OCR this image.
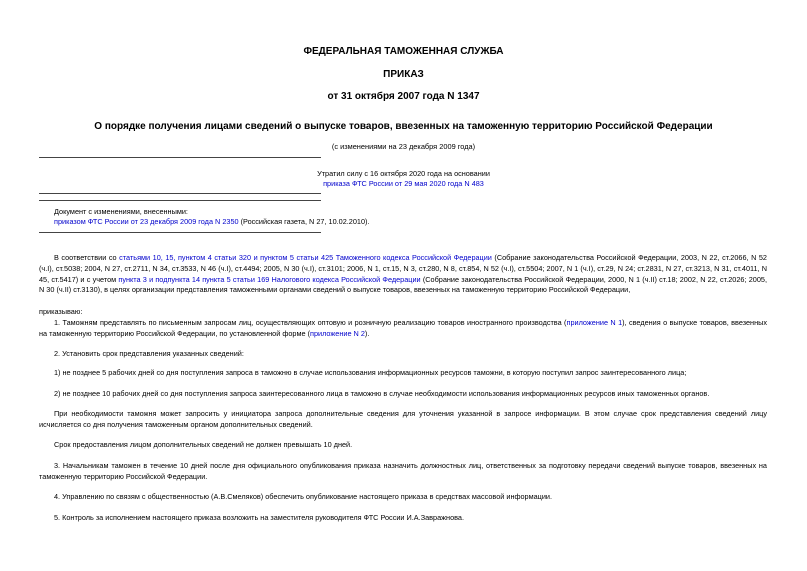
ФЕДЕРАЛЬНАЯ ТАМОЖЕННАЯ СЛУЖБА
ПРИКАЗ
от 31 октября 2007 года N 1347
О порядке получения лицами сведений о выпуске товаров, ввезенных на таможенную территорию Российской Федерации
(с изменениями на 23 декабря 2009 года)
Утратил силу с 16 октября 2020 года на основании
приказа ФТС России от 29 мая 2020 года N 483
Документ с изменениями, внесенными:
приказом ФТС России от 23 декабря 2009 года N 2350 (Российская газета, N 27, 10.02.2010).
В соответствии со статьями 10, 15, пунктом 4 статьи 320 и пунктом 5 статьи 425 Таможенного кодекса Российской Федерации (Собрание законодательства Российской Федерации, 2003, N 22, ст.2066, N 52 (ч.I), ст.5038; 2004, N 27, ст.2711, N 34, ст.3533, N 46 (ч.I), ст.4494; 2005, N 30 (ч.I), ст.3101; 2006, N 1, ст.15, N 3, ст.280, N 8, ст.854, N 52 (ч.I), ст.5504; 2007, N 1 (ч.I), ст.29, N 24; ст.2831, N 27, ст.3213, N 31, ст.4011, N 45, ст.5417) и с учетом пункта 3 и подпункта 14 пункта 5 статьи 169 Налогового кодекса Российской Федерации (Собрание законодательства Российской Федерации, 2000, N 1 (ч.II) ст.18; 2002, N 22, ст.2026; 2005, N 30 (ч.II) ст.3130), в целях организации представления таможенными органами сведений о выпуске товаров, ввезенных на таможенную территорию Российской Федерации,
приказываю:
1. Таможням представлять по письменным запросам лиц, осуществляющих оптовую и розничную реализацию товаров иностранного производства (приложение N 1), сведения о выпуске товаров, ввезенных на таможенную территорию Российской Федерации, по установленной форме (приложение N 2).
2. Установить срок представления указанных сведений:
1) не позднее 5 рабочих дней со дня поступления запроса в таможню в случае использования информационных ресурсов таможни, в которую поступил запрос заинтересованного лица;
2) не позднее 10 рабочих дней со дня поступления запроса заинтересованного лица в таможню в случае необходимости использования информационных ресурсов иных таможенных органов.
При необходимости таможня может запросить у инициатора запроса дополнительные сведения для уточнения указанной в запросе информации. В этом случае срок представления сведений лицу исчисляется со дня получения таможенным органом дополнительных сведений.
Срок предоставления лицом дополнительных сведений не должен превышать 10 дней.
3. Начальникам таможен в течение 10 дней после дня официального опубликования приказа назначить должностных лиц, ответственных за подготовку передачи сведений выпуске товаров, ввезенных на таможенную территорию Российской Федерации.
4. Управлению по связям с общественностью (А.В.Смеляков) обеспечить опубликование настоящего приказа в средствах массовой информации.
5. Контроль за исполнением настоящего приказа возложить на заместителя руководителя ФТС России И.А.Завражнова.
